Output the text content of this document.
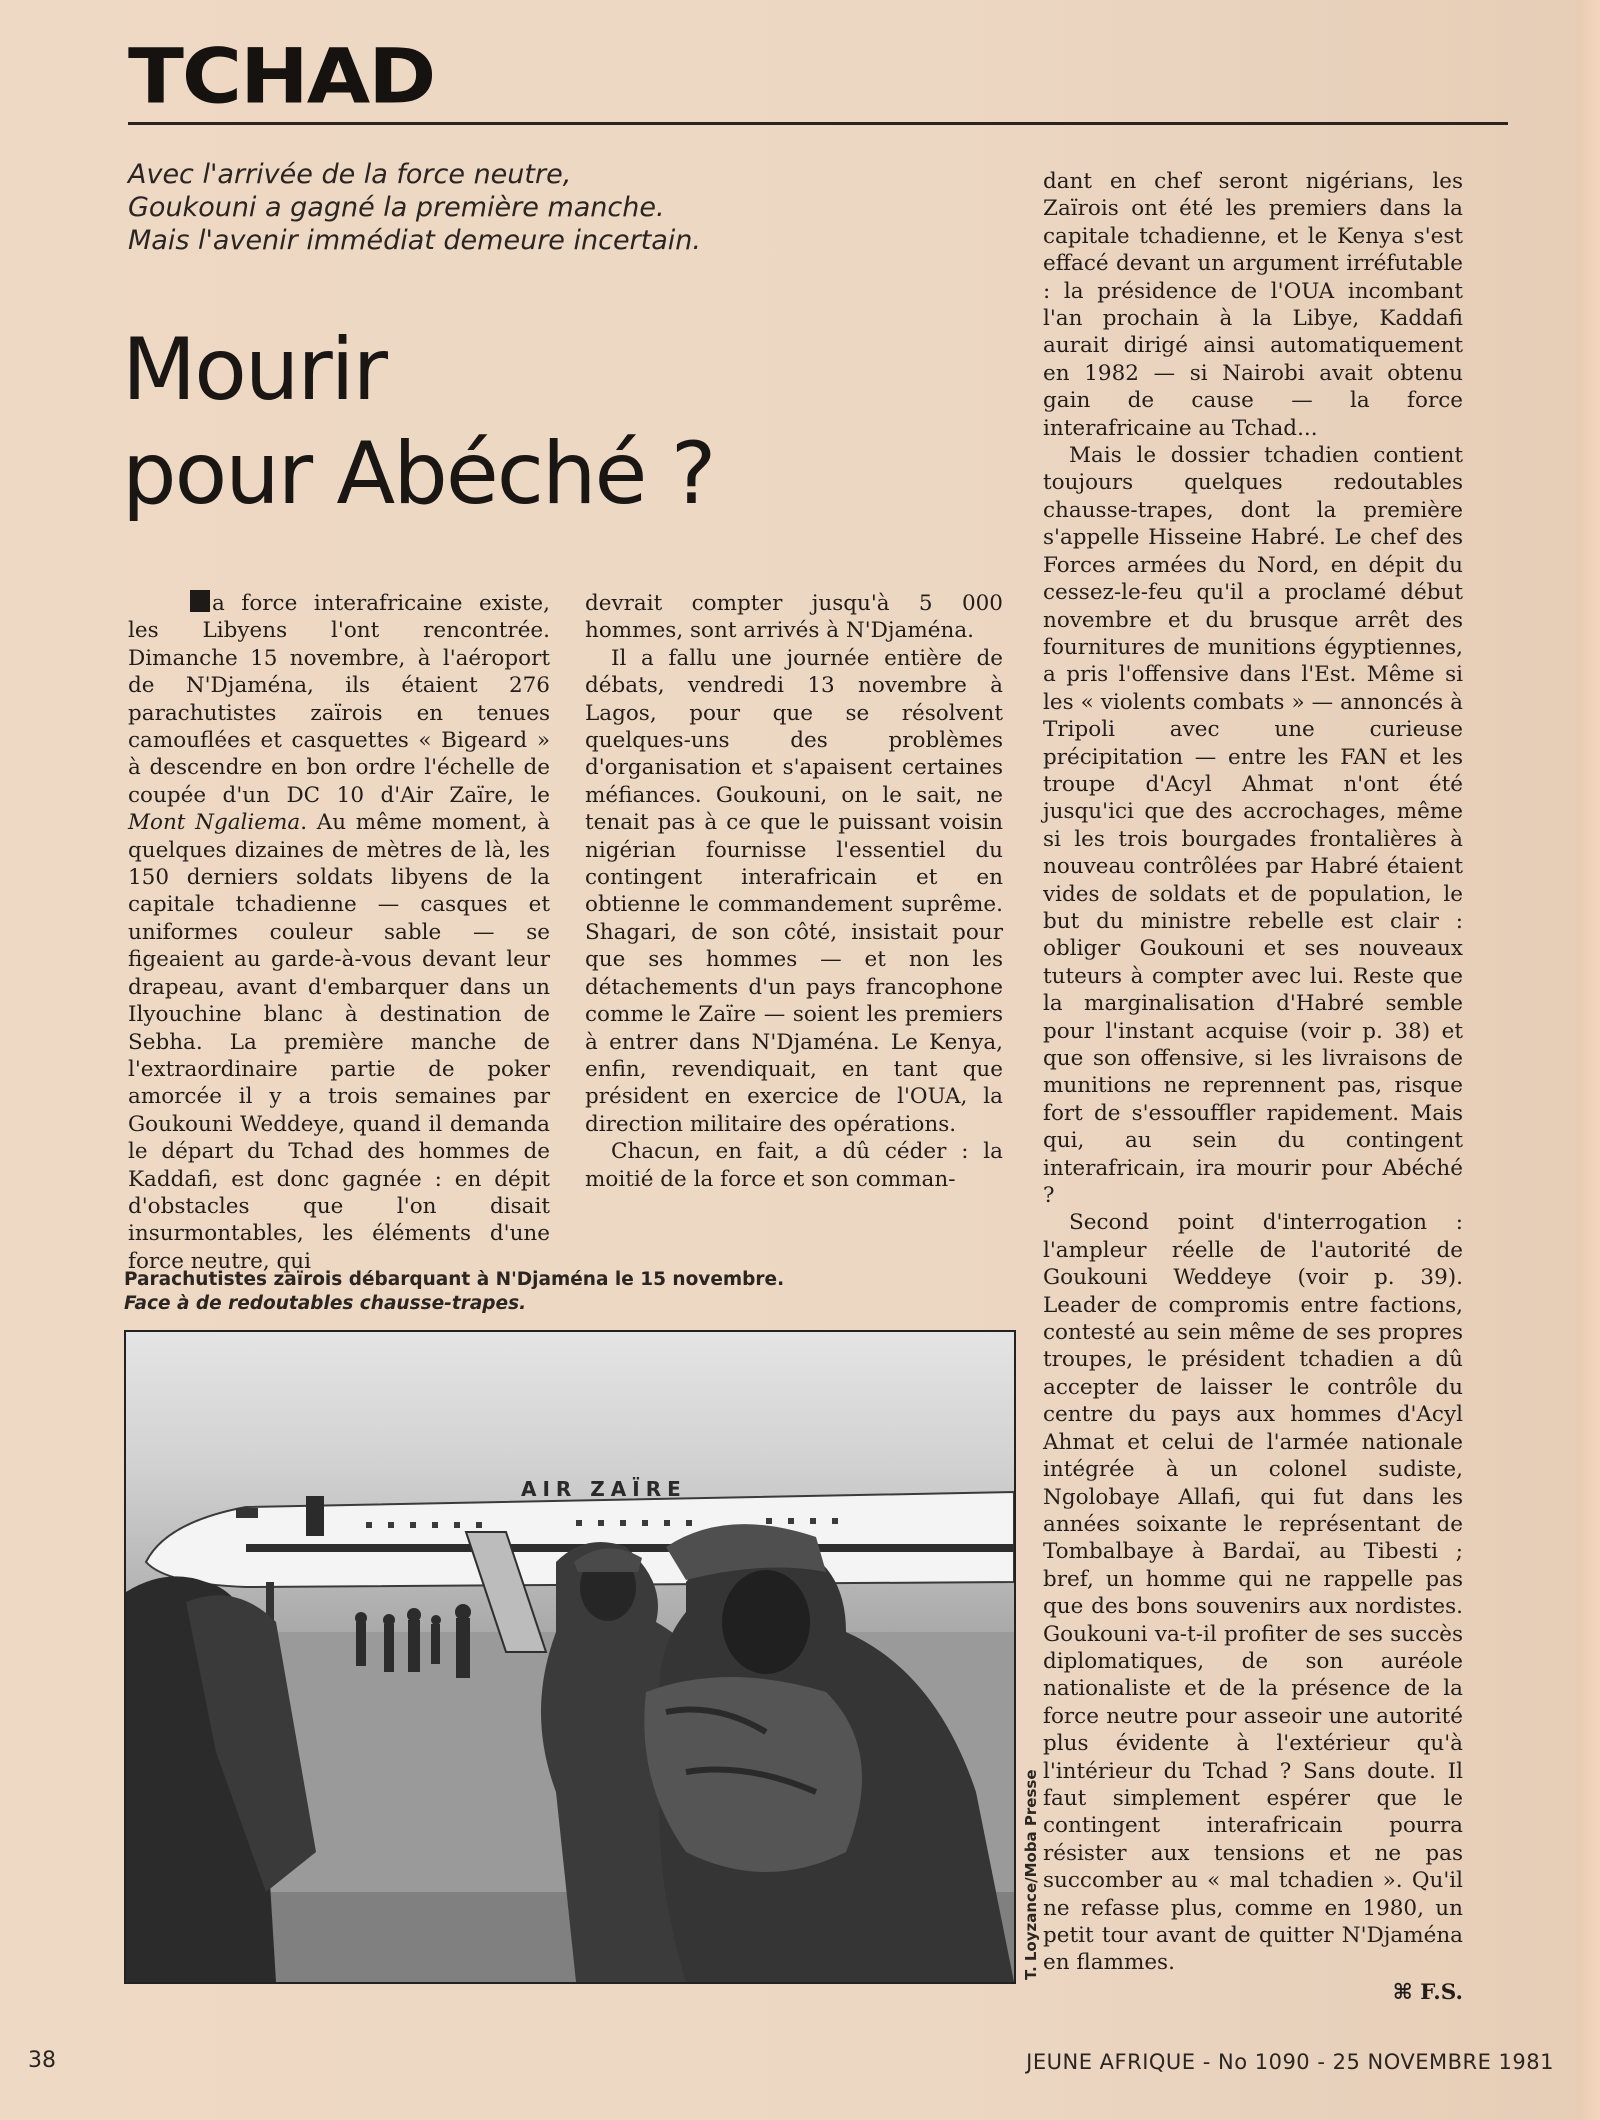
TCHAD
Avec l'arrivée de la force neutre,
Goukouni a gagné la première manche.
Mais l'avenir immédiat demeure incertain.
Mourir
pour Abéché ?

a force interafricaine existe, les Libyens l'ont rencontrée. Dimanche 15 novembre, à l'aéroport de N'Djaména, ils étaient 276 parachutistes zaïrois en tenues camouflées et casquettes « Bigeard » à descendre en bon ordre l'échelle de coupée d'un DC 10 d'Air Zaïre, le Mont Ngaliema. Au même moment, à quelques dizaines de mètres de là, les 150 derniers soldats libyens de la capitale tchadienne — casques et uniformes couleur sable — se figeaient au garde-à-vous devant leur drapeau, avant d'embarquer dans un Ilyouchine blanc à destination de Sebha. La première manche de l'extraordinaire partie de poker amorcée il y a trois semaines par Goukouni Weddeye, quand il demanda le départ du Tchad des hommes de Kaddafi, est donc gagnée : en dépit d'obstacles que l'on disait insurmontables, les éléments d'une force neutre, qui

devrait compter jusqu'à 5 000 hommes, sont arrivés à N'Djaména.

Il a fallu une journée entière de débats, vendredi 13 novembre à Lagos, pour que se résolvent quelques-uns des problèmes d'organisation et s'apaisent certaines méfiances. Goukouni, on le sait, ne tenait pas à ce que le puissant voisin nigérian fournisse l'essentiel du contingent interafricain et en obtienne le commandement suprême. Shagari, de son côté, insistait pour que ses hommes — et non les détachements d'un pays francophone comme le Zaïre — soient les premiers à entrer dans N'Djaména. Le Kenya, enfin, revendiquait, en tant que président en exercice de l'OUA, la direction militaire des opérations.

Chacun, en fait, a dû céder : la moitié de la force et son comman-

dant en chef seront nigérians, les Zaïrois ont été les premiers dans la capitale tchadienne, et le Kenya s'est effacé devant un argument irréfutable : la présidence de l'OUA incombant l'an prochain à la Libye, Kaddafi aurait dirigé ainsi automatiquement en 1982 — si Nairobi avait obtenu gain de cause — la force interafricaine au Tchad...

Mais le dossier tchadien contient toujours quelques redoutables chausse-trapes, dont la première s'appelle Hisseine Habré. Le chef des Forces armées du Nord, en dépit du cessez-le-feu qu'il a proclamé début novembre et du brusque arrêt des fournitures de munitions égyptiennes, a pris l'offensive dans l'Est. Même si les « violents combats » — annoncés à Tripoli avec une curieuse précipitation — entre les FAN et les troupe d'Acyl Ahmat n'ont été jusqu'ici que des accrochages, même si les trois bourgades frontalières à nouveau contrôlées par Habré étaient vides de soldats et de population, le but du ministre rebelle est clair : obliger Goukouni et ses nouveaux tuteurs à compter avec lui. Reste que la marginalisation d'Habré semble pour l'instant acquise (voir p. 38) et que son offensive, si les livraisons de munitions ne reprennent pas, risque fort de s'essouffler rapidement. Mais qui, au sein du contingent interafricain, ira mourir pour Abéché ?

Second point d'interrogation : l'ampleur réelle de l'autorité de Goukouni Weddeye (voir p. 39). Leader de compromis entre factions, contesté au sein même de ses propres troupes, le président tchadien a dû accepter de laisser le contrôle du centre du pays aux hommes d'Acyl Ahmat et celui de l'armée nationale intégrée à un colonel sudiste, Ngolobaye Allafi, qui fut dans les années soixante le représentant de Tombalbaye à Bardaï, au Tibesti ; bref, un homme qui ne rappelle pas que des bons souvenirs aux nordistes. Goukouni va-t-il profiter de ses succès diplomatiques, de son auréole nationaliste et de la présence de la force neutre pour asseoir une autorité plus évidente à l'extérieur qu'à l'intérieur du Tchad ? Sans doute. Il faut simplement espérer que le contingent interafricain pourra résister aux tensions et ne pas succomber au « mal tchadien ». Qu'il ne refasse plus, comme en 1980, un petit tour avant de quitter N'Djaména en flammes.

⌘ F.S.
Parachutistes zaïrois débarquant à N'Djaména le 15 novembre.
Face à de redoutables chausse-trapes.
AIR ZAÏRE
T. Loyzance/Moba Presse
38	JEUNE AFRIQUE - No 1090 - 25 NOVEMBRE 1981
